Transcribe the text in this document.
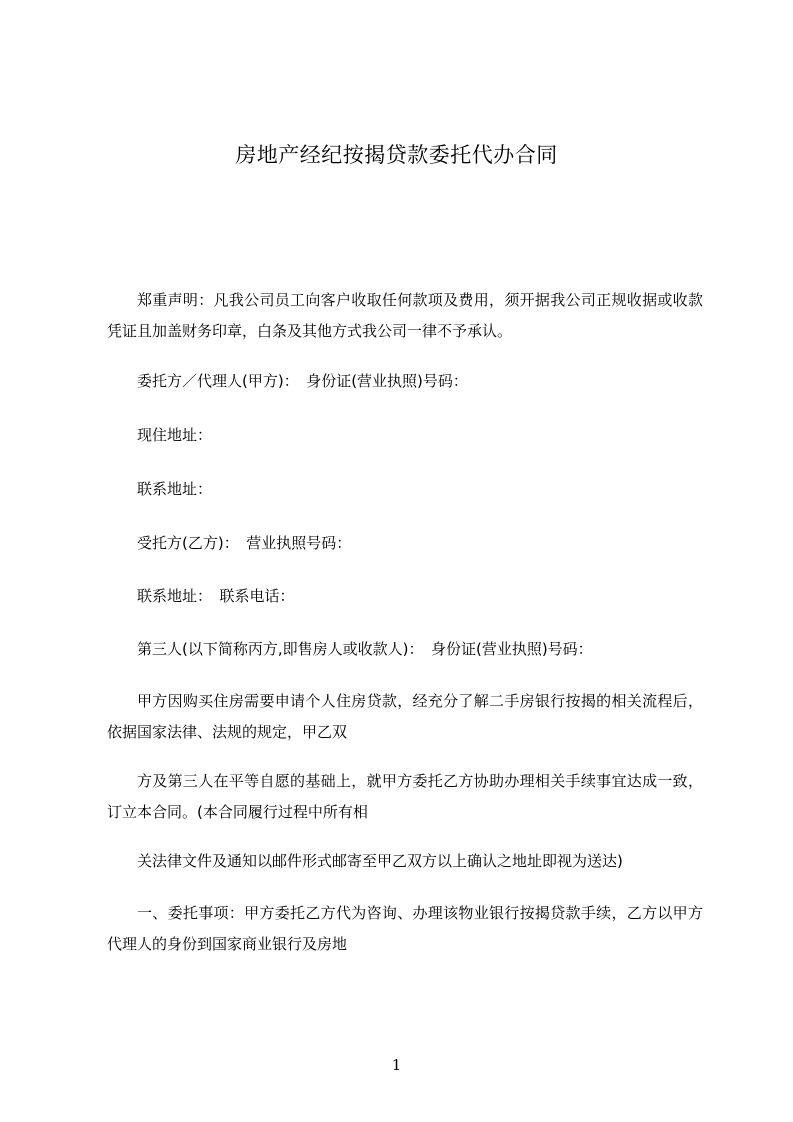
房地产经纪按揭贷款委托代办合同

郑重声明：凡我公司员工向客户收取任何款项及费用，须开据我公司正规收据或收款凭证且加盖财务印章，白条及其他方式我公司一律不予承认。

委托方／代理人(甲方)：　身份证(营业执照)号码：

现住地址：

联系地址：

受托方(乙方)：　营业执照号码：

联系地址：　联系电话：

第三人(以下简称丙方,即售房人或收款人)：　身份证(营业执照)号码：

甲方因购买住房需要申请个人住房贷款，经充分了解二手房银行按揭的相关流程后，依据国家法律、法规的规定，甲乙双

方及第三人在平等自愿的基础上，就甲方委托乙方协助办理相关手续事宜达成一致，订立本合同。(本合同履行过程中所有相

关法律文件及通知以邮件形式邮寄至甲乙双方以上确认之地址即视为送达)

一、委托事项：甲方委托乙方代为咨询、办理该物业银行按揭贷款手续，乙方以甲方代理人的身份到国家商业银行及房地

1
